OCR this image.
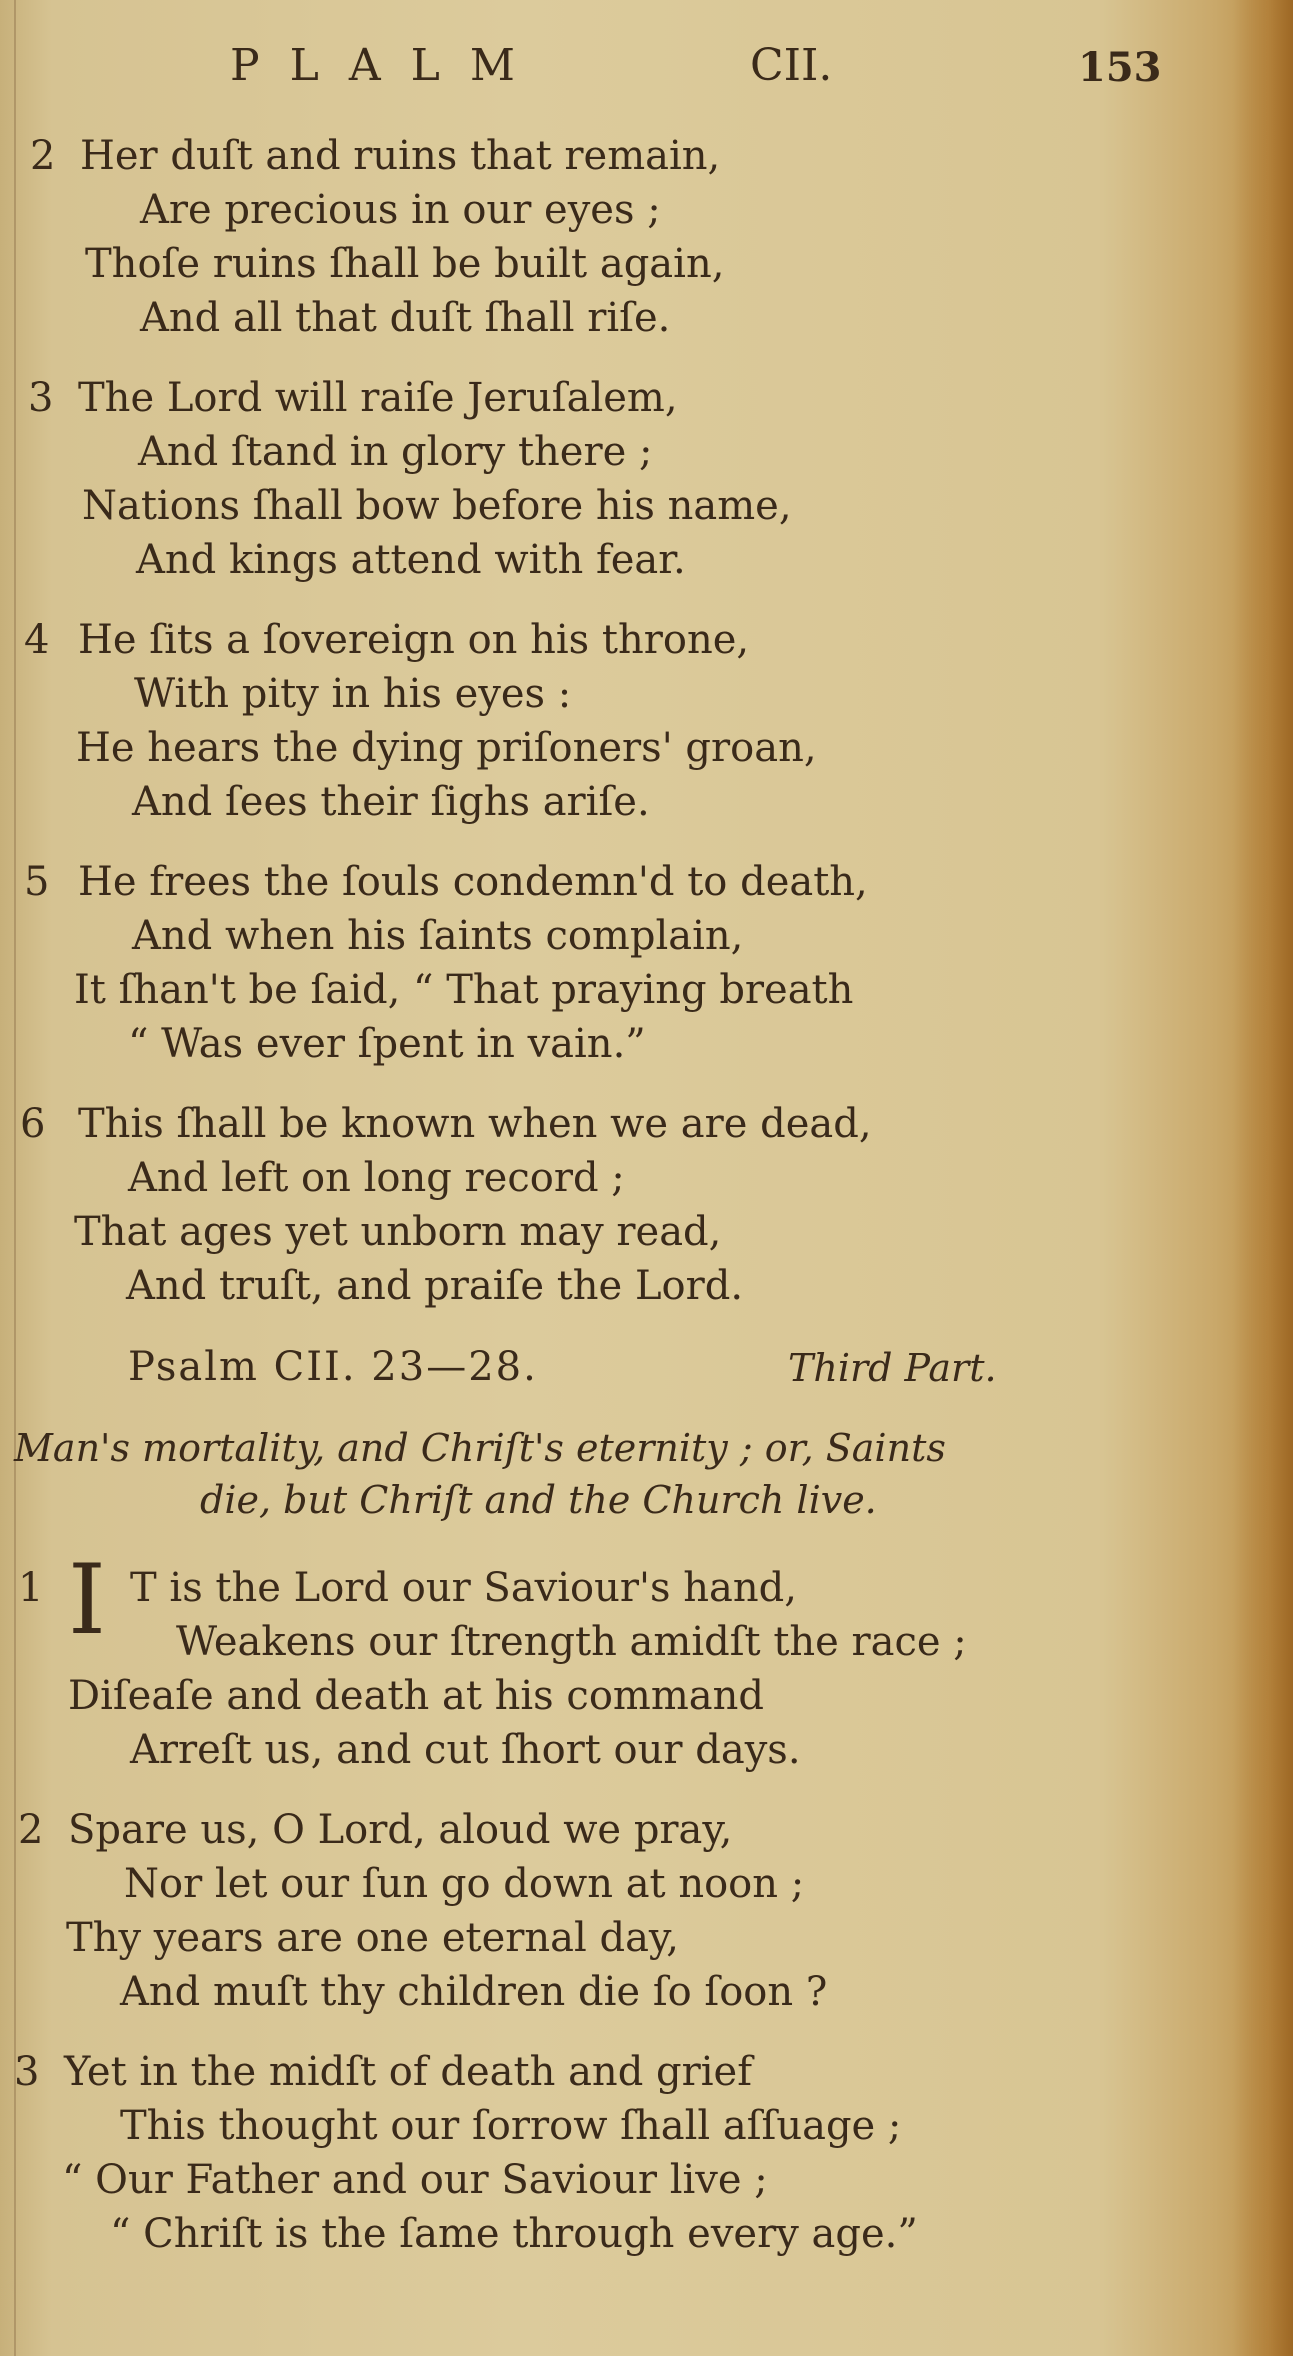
PLALM	CII.	153
2 Her duſt and ruins that remain,
Are precious in our eyes ;
Thoſe ruins ſhall be built again,
And all that duſt ſhall riſe.
3 The Lord will raiſe Jeruſalem,
And ſtand in glory there ;
Nations ſhall bow before his name,
And kings attend with fear.
4 He ſits a ſovereign on his throne,
With pity in his eyes :
He hears the dying priſoners' groan,
And ſees their ſighs ariſe.
5 He frees the ſouls condemn'd to death,
And when his ſaints complain,
It ſhan't be ſaid, “ That praying breath
“ Was ever ſpent in vain.”
6 This ſhall be known when we are dead,
And left on long record ;
That ages yet unborn may read,
And truſt, and praiſe the Lord.
Psalm CII. 23—28.	Third Part.
Man's mortality, and Chriſt's eternity ; or, Saints
die, but Chriſt and the Church live.
1 I T is the Lord our Saviour's hand,
Weakens our ſtrength amidſt the race ;
Diſeaſe and death at his command
Arreſt us, and cut ſhort our days.
2 Spare us, O Lord, aloud we pray,
Nor let our ſun go down at noon ;
Thy years are one eternal day,
And muſt thy children die ſo ſoon ?
3 Yet in the midſt of death and grief
This thought our ſorrow ſhall aſſuage ;
“ Our Father and our Saviour live ;
“ Chriſt is the ſame through every age.”
